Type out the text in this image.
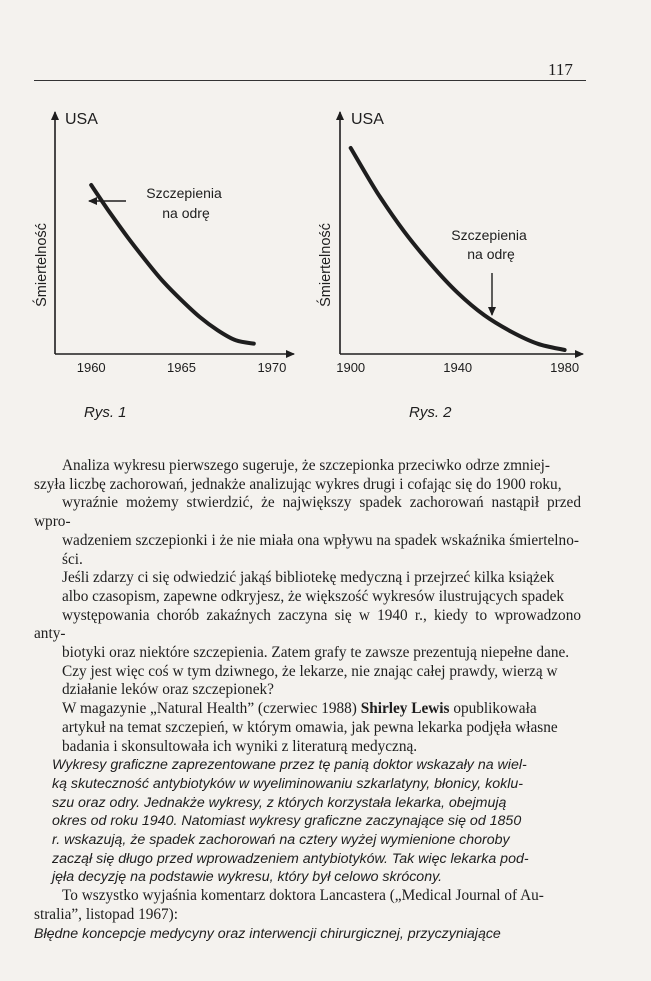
117
USA
Śmiertelność
1960	1965	1970
Szczepienia na odrę
USA
Śmiertelność
1900	1940	1980
Szczepienia na odrę
Rys. 1	Rys. 2

Analiza wykresu pierwszego sugeruje, że szczepionka przeciwko odrze zmniej-
szyła liczbę zachorowań, jednakże analizując wykres drugi i cofając się do 1900 roku,
wyraźnie możemy stwierdzić, że największy spadek zachorowań nastąpił przed wpro-
wadzeniem szczepionki i że nie miała ona wpływu na spadek wskaźnika śmiertelno-
ści.

Jeśli zdarzy ci się odwiedzić jakąś bibliotekę medyczną i przejrzeć kilka książek
albo czasopism, zapewne odkryjesz, że większość wykresów ilustrujących spadek
występowania chorób zakaźnych zaczyna się w 1940 r., kiedy to wprowadzono anty-
biotyki oraz niektóre szczepienia. Zatem grafy te zawsze prezentują niepełne dane.
Czy jest więc coś w tym dziwnego, że lekarze, nie znając całej prawdy, wierzą w
działanie leków oraz szczepionek?

W magazynie „Natural Health” (czerwiec 1988) Shirley Lewis opublikowała
artykuł na temat szczepień, w którym omawia, jak pewna lekarka podjęła własne
badania i skonsultowała ich wyniki z literaturą medyczną.

Wykresy graficzne zaprezentowane przez tę panią doktor wskazały na wiel-
ką skuteczność antybiotyków w wyeliminowaniu szkarlatyny, błonicy, koklu-
szu oraz odry. Jednakże wykresy, z których korzystała lekarka, obejmują
okres od roku 1940. Natomiast wykresy graficzne zaczynające się od 1850
r. wskazują, że spadek zachorowań na cztery wyżej wymienione choroby
zaczął się długo przed wprowadzeniem antybiotyków. Tak więc lekarka pod-
jęła decyzję na podstawie wykresu, który był celowo skrócony.

To wszystko wyjaśnia komentarz doktora Lancastera („Medical Journal of Au-
stralia”, listopad 1967):

Błędne koncepcje medycyny oraz interwencji chirurgicznej, przyczyniające
